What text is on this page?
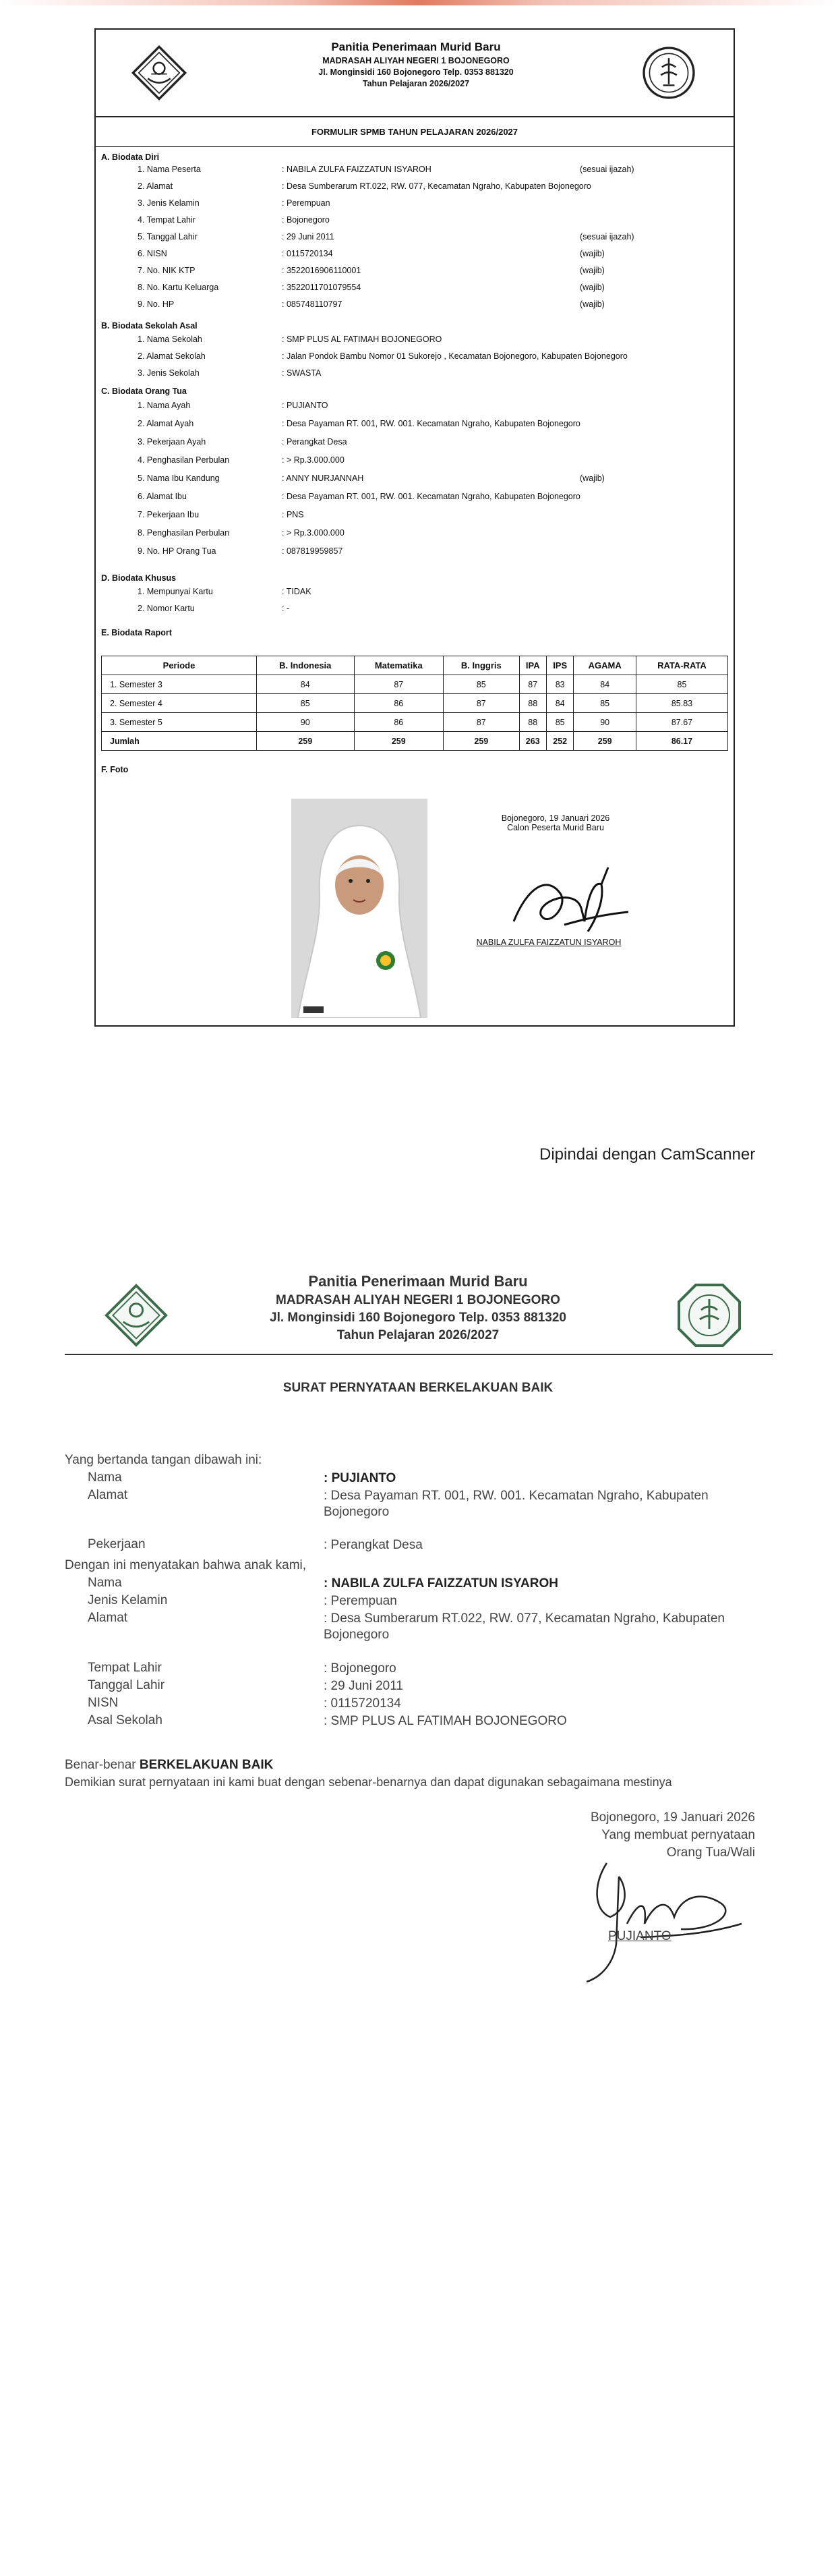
Panitia Penerimaan Murid Baru
MADRASAH ALIYAH NEGERI 1 BOJONEGORO
Jl. Monginsidi 160 Bojonegoro Telp. 0353 881320
Tahun Pelajaran 2026/2027
FORMULIR SPMB TAHUN PELAJARAN 2026/2027
A. Biodata Diri
1. Nama Peserta	: NABILA ZULFA FAIZZATUN ISYAROH	(sesuai ijazah)
2. Alamat	: Desa Sumberarum RT.022, RW. 077, Kecamatan Ngraho, Kabupaten Bojonegoro
3. Jenis Kelamin	: Perempuan
4. Tempat Lahir	: Bojonegoro
5. Tanggal Lahir	: 29 Juni 2011	(sesuai ijazah)
6. NISN	: 0115720134	(wajib)
7. No. NIK KTP	: 3522016906110001	(wajib)
8. No. Kartu Keluarga	: 3522011701079554	(wajib)
9. No. HP	: 085748110797	(wajib)
B. Biodata Sekolah Asal
1. Nama Sekolah	: SMP PLUS AL FATIMAH BOJONEGORO
2. Alamat Sekolah	: Jalan Pondok Bambu Nomor 01 Sukorejo , Kecamatan Bojonegoro, Kabupaten Bojonegoro
3. Jenis Sekolah	: SWASTA
C. Biodata Orang Tua
1. Nama Ayah	: PUJIANTO
2. Alamat Ayah	: Desa Payaman RT. 001, RW. 001. Kecamatan Ngraho, Kabupaten Bojonegoro
3. Pekerjaan Ayah	: Perangkat Desa
4. Penghasilan Perbulan	: > Rp.3.000.000
5. Nama Ibu Kandung	: ANNY NURJANNAH	(wajib)
6. Alamat Ibu	: Desa Payaman RT. 001, RW. 001. Kecamatan Ngraho, Kabupaten Bojonegoro
7. Pekerjaan Ibu	: PNS
8. Penghasilan Perbulan	: > Rp.3.000.000
9. No. HP Orang Tua	: 087819959857
D. Biodata Khusus
1. Mempunyai Kartu	: TIDAK
2. Nomor Kartu	: -
E. Biodata Raport
Periode	B. Indonesia	Matematika	B. Inggris	IPA	IPS	AGAMA	RATA-RATA
1. Semester 3	84	87	85	87	83	84	85
2. Semester 4	85	86	87	88	84	85	85.83
3. Semester 5	90	86	87	88	85	90	87.67
Jumlah	259	259	259	263	252	259	86.17
F. Foto
Bojonegoro, 19 Januari 2026
Calon Peserta Murid Baru
NABILA ZULFA FAIZZATUN ISYAROH
Dipindai dengan CamScanner
Panitia Penerimaan Murid Baru
MADRASAH ALIYAH NEGERI 1 BOJONEGORO
Jl. Monginsidi 160 Bojonegoro Telp. 0353 881320
Tahun Pelajaran 2026/2027
SURAT PERNYATAAN BERKELAKUAN BAIK
Yang bertanda tangan dibawah ini:
Nama	: PUJIANTO
Alamat	: Desa Payaman RT. 001, RW. 001. Kecamatan Ngraho, Kabupaten Bojonegoro
Pekerjaan	: Perangkat Desa
Dengan ini menyatakan bahwa anak kami,
Nama	: NABILA ZULFA FAIZZATUN ISYAROH
Jenis Kelamin	: Perempuan
Alamat	: Desa Sumberarum RT.022, RW. 077, Kecamatan Ngraho, Kabupaten Bojonegoro
Tempat Lahir	: Bojonegoro
Tanggal Lahir	: 29 Juni 2011
NISN	: 0115720134
Asal Sekolah	: SMP PLUS AL FATIMAH BOJONEGORO
Benar-benar BERKELAKUAN BAIK
Demikian surat pernyataan ini kami buat dengan sebenar-benarnya dan dapat digunakan sebagaimana mestinya
Bojonegoro, 19 Januari 2026
Yang membuat pernyataan
Orang Tua/Wali
PUJIANTO
